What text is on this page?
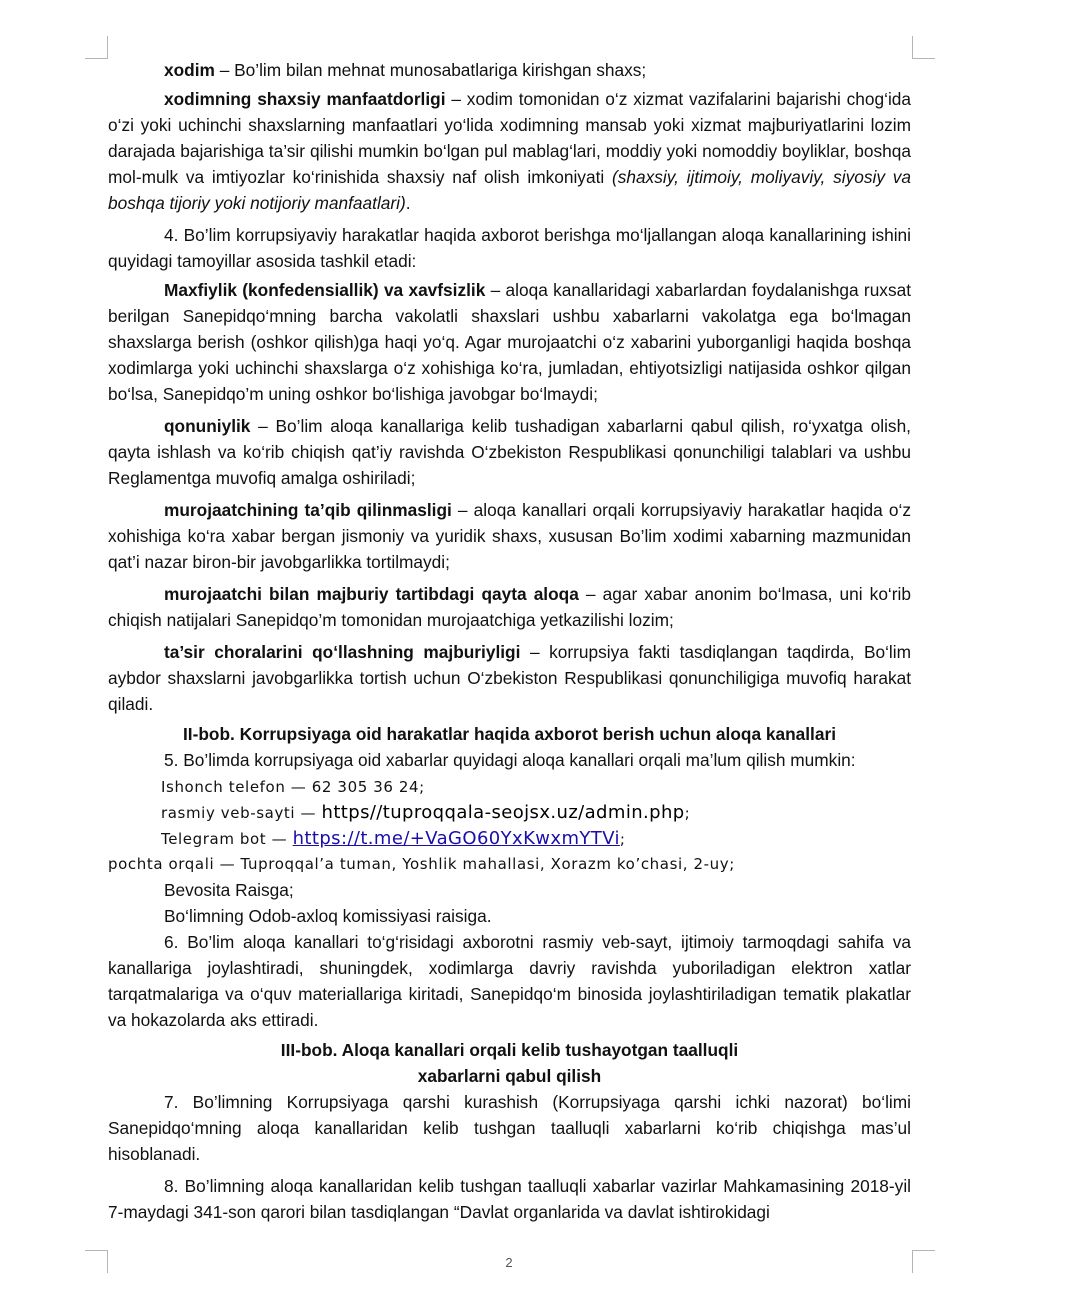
xodim – Bo’lim bilan mehnat munosabatlariga kirishgan shaxs;

xodimning shaxsiy manfaatdorligi – xodim tomonidan o‘z xizmat vazifalarini bajarishi chog‘ida o‘zi yoki uchinchi shaxslarning manfaatlari yo‘lida xodimning mansab yoki xizmat majburiyatlarini lozim darajada bajarishiga ta’sir qilishi mumkin bo‘lgan pul mablag‘lari, moddiy yoki nomoddiy boyliklar, boshqa mol-mulk va imtiyozlar ko‘rinishida shaxsiy naf olish imkoniyati (shaxsiy, ijtimoiy, moliyaviy, siyosiy va boshqa tijoriy yoki notijoriy manfaatlari).

4. Bo’lim korrupsiyaviy harakatlar haqida axborot berishga mo‘ljallangan aloqa kanallarining ishini quyidagi tamoyillar asosida tashkil etadi:

Maxfiylik (konfedensiallik) va xavfsizlik – aloqa kanallaridagi xabarlardan foydalanishga ruxsat berilgan Sanepidqo‘mning barcha vakolatli shaxslari ushbu xabarlarni vakolatga ega bo‘lmagan shaxslarga berish (oshkor qilish)ga haqi yo‘q. Agar murojaatchi o‘z xabarini yuborganligi haqida boshqa xodimlarga yoki uchinchi shaxslarga o‘z xohishiga ko‘ra, jumladan, ehtiyotsizligi natijasida oshkor qilgan bo‘lsa, Sanepidqo’m uning oshkor bo‘lishiga javobgar bo‘lmaydi;

qonuniylik – Bo’lim aloqa kanallariga kelib tushadigan xabarlarni qabul qilish, ro‘yxatga olish, qayta ishlash va ko‘rib chiqish qat’iy ravishda O‘zbekiston Respublikasi qonunchiligi talablari va ushbu Reglamentga muvofiq amalga oshiriladi;

murojaatchining ta’qib qilinmasligi – aloqa kanallari orqali korrupsiyaviy harakatlar haqida o‘z xohishiga ko‘ra xabar bergan jismoniy va yuridik shaxs, xususan Bo’lim xodimi xabarning mazmunidan qat’i nazar biron-bir javobgarlikka tortilmaydi;

murojaatchi bilan majburiy tartibdagi qayta aloqa – agar xabar anonim bo‘lmasa, uni ko‘rib chiqish natijalari Sanepidqo’m tomonidan murojaatchiga yetkazilishi lozim;

ta’sir choralarini qo‘llashning majburiyligi – korrupsiya fakti tasdiqlangan taqdirda, Bo‘lim aybdor shaxslarni javobgarlikka tortish uchun O‘zbekiston Respublikasi qonunchiligiga muvofiq harakat qiladi.

II-bob. Korrupsiyaga oid harakatlar haqida axborot berish uchun aloqa kanallari

5. Bo’limda korrupsiyaga oid xabarlar quyidagi aloqa kanallari orqali ma’lum qilish mumkin:

Ishonch telefon — 62 305 36 24;
rasmiy veb-sayti — https//tuproqqala-seojsx.uz/admin.php;
Telegram bot — https://t.me/+VaGO60YxKwxmYTVi;
pochta orqali — Tuproqqal’a tuman, Yoshlik mahallasi, Xorazm ko’chasi, 2-uy;

Bevosita Raisga;

Bo‘limning Odob-axloq komissiyasi raisiga.

6. Bo’lim aloqa kanallari to‘g‘risidagi axborotni rasmiy veb-sayt, ijtimoiy tarmoqdagi sahifa va kanallariga joylashtiradi, shuningdek, xodimlarga davriy ravishda yuboriladigan elektron xatlar tarqatmalariga va o‘quv materiallariga kiritadi, Sanepidqo‘m binosida joylashtiriladigan tematik plakatlar va hokazolarda aks ettiradi.

III-bob. Aloqa kanallari orqali kelib tushayotgan taalluqli
xabarlarni qabul qilish

7. Bo’limning Korrupsiyaga qarshi kurashish (Korrupsiyaga qarshi ichki nazorat) bo‘limi Sanepidqo‘mning aloqa kanallaridan kelib tushgan taalluqli xabarlarni ko‘rib chiqishga mas’ul hisoblanadi.

8. Bo’limning aloqa kanallaridan kelib tushgan taalluqli xabarlar vazirlar Mahkamasining 2018-yil 7-maydagi 341-son qarori bilan tasdiqlangan “Davlat organlarida va davlat ishtirokidagi

2
